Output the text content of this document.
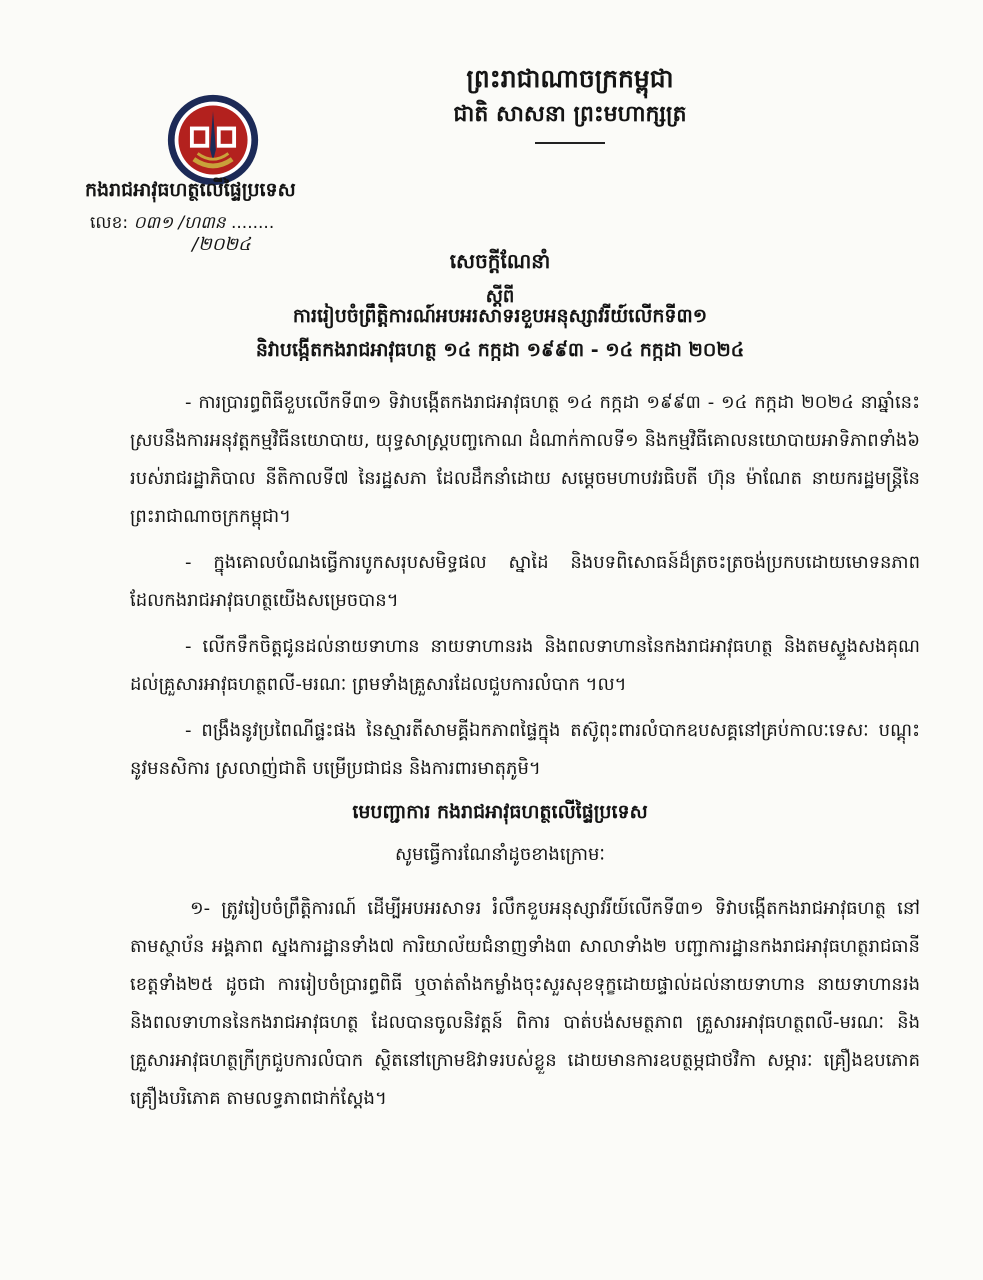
ព្រះរាជាណាចក្រកម្ពុជា
ជាតិ សាសនា ព្រះមហាក្សត្រ
កងរាជអាវុធហត្ថលើផ្ទៃប្រទេស
លេខ: ០៣១ /ហ៣ន ........
/២០២៤
សេចក្តីណែនាំ
ស្តីពី
ការរៀបចំព្រឹត្តិការណ៍អបអរសាទរខួបអនុស្សាវរីយ៍លើកទី៣១
និវាបង្កើតកងរាជអាវុធហត្ថ ១៤ កក្កដា ១៩៩៣ - ១៤ កក្កដា ២០២៤

- ការប្រារព្ធពិធីខួបលើកទី៣១ ទិវាបង្កើតកងរាជអាវុធហត្ថ ១៤ កក្កដា ១៩៩៣ - ១៤ កក្កដា ២០២៤ នាឆ្នាំនេះ ស្របនឹងការអនុវត្តកម្មវិធីនយោបាយ, យុទ្ធសាស្ត្របញ្ចកោណ ដំណាក់កាលទី១ និងកម្មវិធីគោលនយោបាយអាទិភាពទាំង៦ របស់រាជរដ្ឋាភិបាល នីតិកាលទី៧ នៃរដ្ឋសភា ដែលដឹកនាំដោយ សម្តេចមហាបវរធិបតី ហ៊ុន ម៉ាណែត នាយករដ្ឋមន្ត្រីនៃព្រះរាជាណាចក្រកម្ពុជា។

- ក្នុងគោលបំណងធ្វើការបូកសរុបសមិទ្ធផល ស្នាដៃ និងបទពិសោធន៍ដ៏ត្រចះត្រចង់ប្រកបដោយមោទនភាពដែលកងរាជអាវុធហត្ថយើងសម្រេចបាន។

- លើកទឹកចិត្តជូនដល់នាយទាហាន នាយទាហានរង និងពលទាហាននៃកងរាជអាវុធហត្ថ និងតមស្ទួងសងគុណដល់គ្រួសារអាវុធហត្ថពលី-មរណៈ ព្រមទាំងគ្រួសារដែលជួបការលំបាក ។ល។

- ពង្រឹងនូវប្រពៃណីផ្ទះផង នៃស្មារតីសាមគ្គីឯកភាពផ្ទៃក្នុង តស៊ូពុះពារលំបាកឧបសគ្គនៅគ្រប់កាលៈទេសៈ បណ្តុះនូវមនសិការ ស្រលាញ់ជាតិ បម្រើប្រជាជន និងការពារមាតុភូមិ។

មេបញ្ជាការ កងរាជអាវុធហត្ថលើផ្ទៃប្រទេស
សូមធ្វើការណែនាំដូចខាងក្រោមៈ

១- ត្រូវរៀបចំព្រឹត្តិការណ៍ ដើម្បីអបអរសាទរ រំលឹកខួបអនុស្សាវរីយ៍លើកទី៣១ ទិវាបង្កើតកងរាជអាវុធហត្ថ នៅតាមស្ថាប័ន អង្គភាព ស្នងការដ្ឋានទាំង៧ ការិយាល័យជំនាញទាំង៣ សាលាទាំង២ បញ្ជាការដ្ឋានកងរាជអាវុធហត្ថរាជធានី ខេត្តទាំង២៥ ដូចជា ការរៀបចំប្រារព្ធពិធី ឬចាត់តាំងកម្លាំងចុះសួរសុខទុក្ខដោយផ្ទាល់ដល់នាយទាហាន នាយទាហានរង និងពលទាហាននៃកងរាជអាវុធហត្ថ ដែលបានចូលនិវត្តន៍ ពិការ បាត់បង់សមត្ថភាព គ្រួសារអាវុធហត្ថពលី-មរណៈ និងគ្រួសារអាវុធហត្ថក្រីក្រជួបការលំបាក ស្ថិតនៅក្រោមឱវាទរបស់ខ្លួន ដោយមានការឧបត្ថម្ភជាថវិកា សម្ភារៈ គ្រឿងឧបភោគ គ្រឿងបរិភោគ តាមលទ្ធភាពជាក់ស្តែង។
